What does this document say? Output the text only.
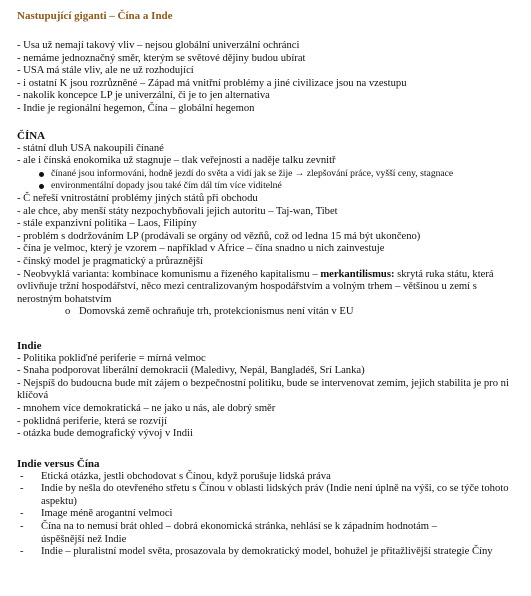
Nastupující giganti – Čína a Inde
- Usa už nemají takový vliv – nejsou globální univerzální ochránci
- nemáme jednoznačný směr, kterým se světové dějiny budou ubírat
- USA má stále vliv, ale ne už rozhodující
- i ostatní K jsou rozrůzněné – Západ má vnitřní problémy a jiné civilizace jsou na vzestupu
- nakolik koncepce LP je univerzální, či je to jen alternativa
- Indie je regionální hegemon, Čína – globální hegemon
ČÍNA
- státní dluh USA nakoupili čínané
- ale i čínská enokomika už stagnuje – tlak veřejnosti a naděje talku zevnitř
čínané jsou informováni, hodně jezdí do světa a vidí jak se žije → zlepšování práce, vyšší ceny, stagnace
environmentální dopady jsou také čím dál tím více viditelné
- Č neřeší vnitrostátní problémy jiných států při obchodu
- ale chce, aby menší státy nezpochybňovali jejich autoritu – Taj-wan, Tibet
- stále expanzivní politika – Laos, Filipíny
- problém s dodržováním LP (prodávali se orgány od vězňů, což od ledna 15 má být ukončeno)
- čína je velmoc, který je vzorem – například v Africe – čína snadno u nich zainvestuje
- čínský model je pragmatický a průraznější
- Neobvyklá varianta: kombinace komunismu a řízeného kapitalismu – merkantilismus: skrytá ruka státu, která ovlivňuje tržní hospodářství, něco mezi centralizovaným hospodářstvím a volným trhem – většinou u zemí s nerostným bohatstvím
o Domovská země ochraňuje trh, protekcionismus není vítán v EU
Indie
- Politika pokliďné periferie = mírná velmoc
- Snaha podporovat liberální demokracii (Maledivy, Nepál, Bangladéš, Srí Lanka)
- Nejspíš do budoucna bude mít zájem o bezpečnostní politiku, bude se intervenovat zemím, jejich stabilita je pro ni klíčová
- mnohem více demokratická – ne jako u nás, ale dobrý směr
- poklidná periferie, která se rozvíjí
- otázka bude demografický vývoj v Indii
Indie versus Čína
- Etická otázka, jestli obchodovat s Čínou, když porušuje lidská práva
- Indie by nešla do otevřeného střetu s Čínou v oblasti lidských práv (Indie není úplně na výši, co se týče tohoto aspektu)
- Image méně arogantní velmoci
- Čína na to nemusí brát ohled – dobrá ekonomická stránka, nehlásí se k západním hodnotám – úspěšnější než Indie
- Indie – pluralistní model světa, prosazovala by demokratický model, bohužel je přitažlivější strategie Číny
